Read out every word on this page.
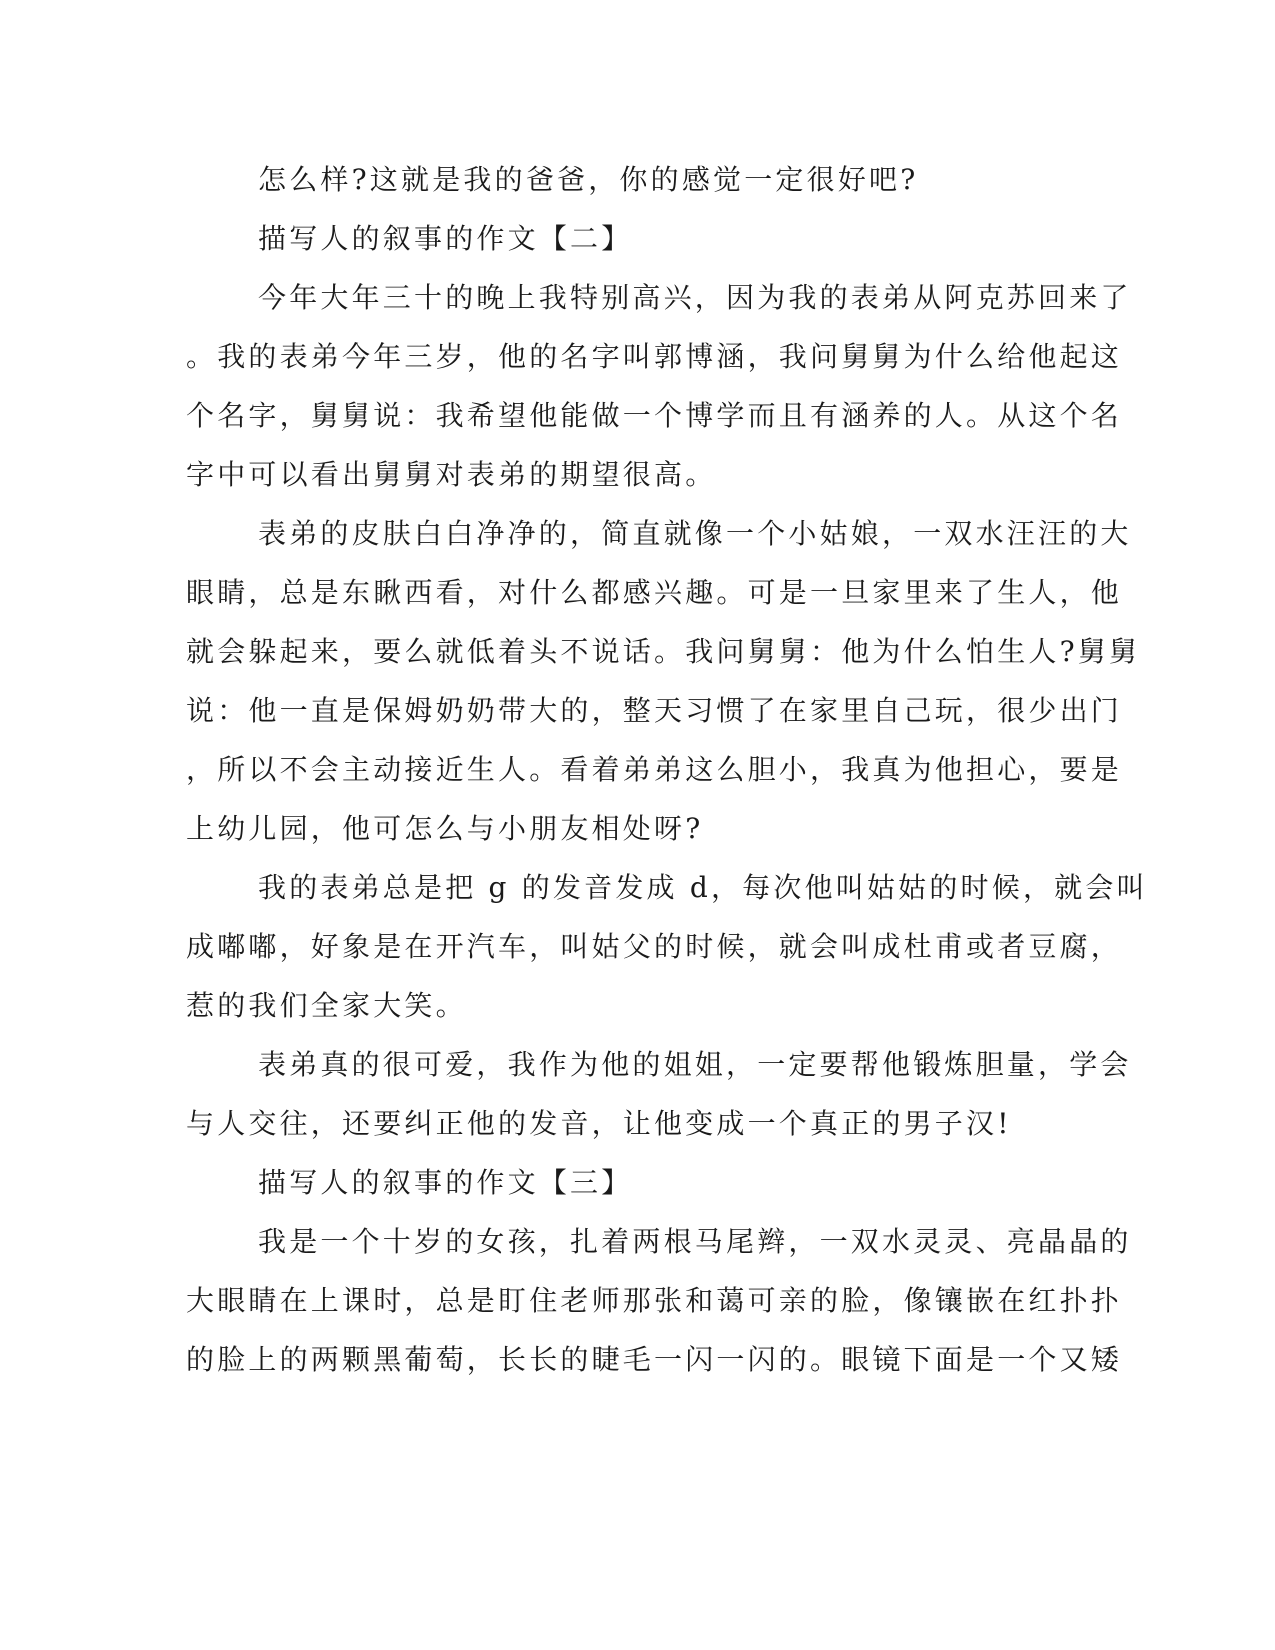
怎么样?这就是我的爸爸，你的感觉一定很好吧?
描写人的叙事的作文【二】
今年大年三十的晚上我特别高兴，因为我的表弟从阿克苏回来了
。我的表弟今年三岁，他的名字叫郭博涵，我问舅舅为什么给他起这
个名字，舅舅说：我希望他能做一个博学而且有涵养的人。从这个名
字中可以看出舅舅对表弟的期望很高。
表弟的皮肤白白净净的，简直就像一个小姑娘，一双水汪汪的大
眼睛，总是东瞅西看，对什么都感兴趣。可是一旦家里来了生人，他
就会躲起来，要么就低着头不说话。我问舅舅：他为什么怕生人?舅舅
说：他一直是保姆奶奶带大的，整天习惯了在家里自己玩，很少出门
，所以不会主动接近生人。看着弟弟这么胆小，我真为他担心，要是
上幼儿园，他可怎么与小朋友相处呀?
我的表弟总是把 g 的发音发成 d，每次他叫姑姑的时候，就会叫
成嘟嘟，好象是在开汽车，叫姑父的时候，就会叫成杜甫或者豆腐，
惹的我们全家大笑。
表弟真的很可爱，我作为他的姐姐，一定要帮他锻炼胆量，学会
与人交往，还要纠正他的发音，让他变成一个真正的男子汉!
描写人的叙事的作文【三】
我是一个十岁的女孩，扎着两根马尾辫，一双水灵灵、亮晶晶的
大眼睛在上课时，总是盯住老师那张和蔼可亲的脸，像镶嵌在红扑扑
的脸上的两颗黑葡萄，长长的睫毛一闪一闪的。眼镜下面是一个又矮
